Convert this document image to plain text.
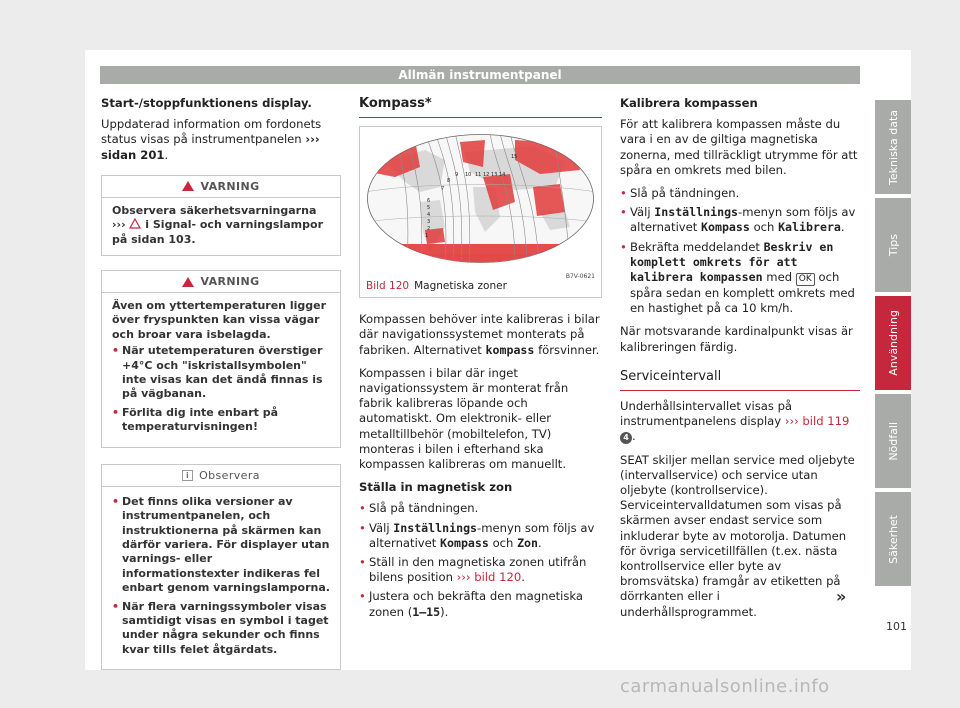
Allmän instrumentpanel
Start-/stoppfunktionens display.

Uppdaterad information om fordonets status visas på instrumentpanelen ››› sidan 201.

VARNING
Observera säkerhetsvarningarna ›››  i Signal- och varningslampor på sidan 103.
VARNING
Även om yttertemperaturen ligger över fryspunkten kan vissa vägar och broar vara isbelagda.
• När utetemperaturen överstiger +4°C och "iskristallsymbolen" inte visas kan det ändå finnas is på vägbanan.
• Förlita dig inte enbart på temperaturvisningen!
i Observera
• Det finns olika versioner av instrumentpanelen, och instruktionerna på skärmen kan därför variera. För displayer utan varnings- eller informationstexter indikeras fel enbart genom varningslamporna.
• När flera varningssymboler visas samtidigt visas en symbol i taget under några sekunder och finns kvar tills felet åtgärdats.
Kompass*
10 11 12 13 14
9
8
7
6
5
4
3
2
1
15
B7V-0621
Bild 120 Magnetiska zoner

Kompassen behöver inte kalibreras i bilar där navigationssystemet monterats på fabriken. Alternativet kompass försvinner.

Kompassen i bilar där inget navigationssystem är monterat från fabrik kalibreras löpande och automatiskt. Om elektronik- eller metalltillbehör (mobiltelefon, TV) monteras i bilen i efterhand ska kompassen kalibreras om manuellt.

Ställa in magnetisk zon
• Slå på tändningen.
• Välj Inställnings-menyn som följs av alternativet Kompass och Zon.
• Ställ in den magnetiska zonen utifrån bilens position ››› bild 120.
• Justera och bekräfta den magnetiska zonen (1–15).
Kalibrera kompassen

För att kalibrera kompassen måste du vara i en av de giltiga magnetiska zonerna, med tillräckligt utrymme för att spåra en omkrets med bilen.

• Slå på tändningen.
• Välj Inställnings-menyn som följs av alternativet Kompass och Kalibrera.
• Bekräfta meddelandet Beskriv en komplett omkrets för att kalibrera kompassen med OK och spåra sedan en komplett omkrets med en hastighet på ca 10 km/h.

När motsvarande kardinalpunkt visas är kalibreringen färdig.

Serviceintervall

Underhållsintervallet visas på instrumentpanelens display ››› bild 119 4 .

SEAT skiljer mellan service med oljebyte (intervallservice) och service utan oljebyte (kontrollservice). Serviceintervalldatumen som visas på skärmen avser endast service som inkluderar byte av motorolja. Datumen för övriga servicetillfällen (t.ex. nästa kontrollservice eller byte av bromsvätska) framgår av etiketten på dörrkanten eller i underhållsprogrammet.

Tekniska data
Tips
Användning
Nödfall
Säkerhet
»
101
carmanualsonline.info
